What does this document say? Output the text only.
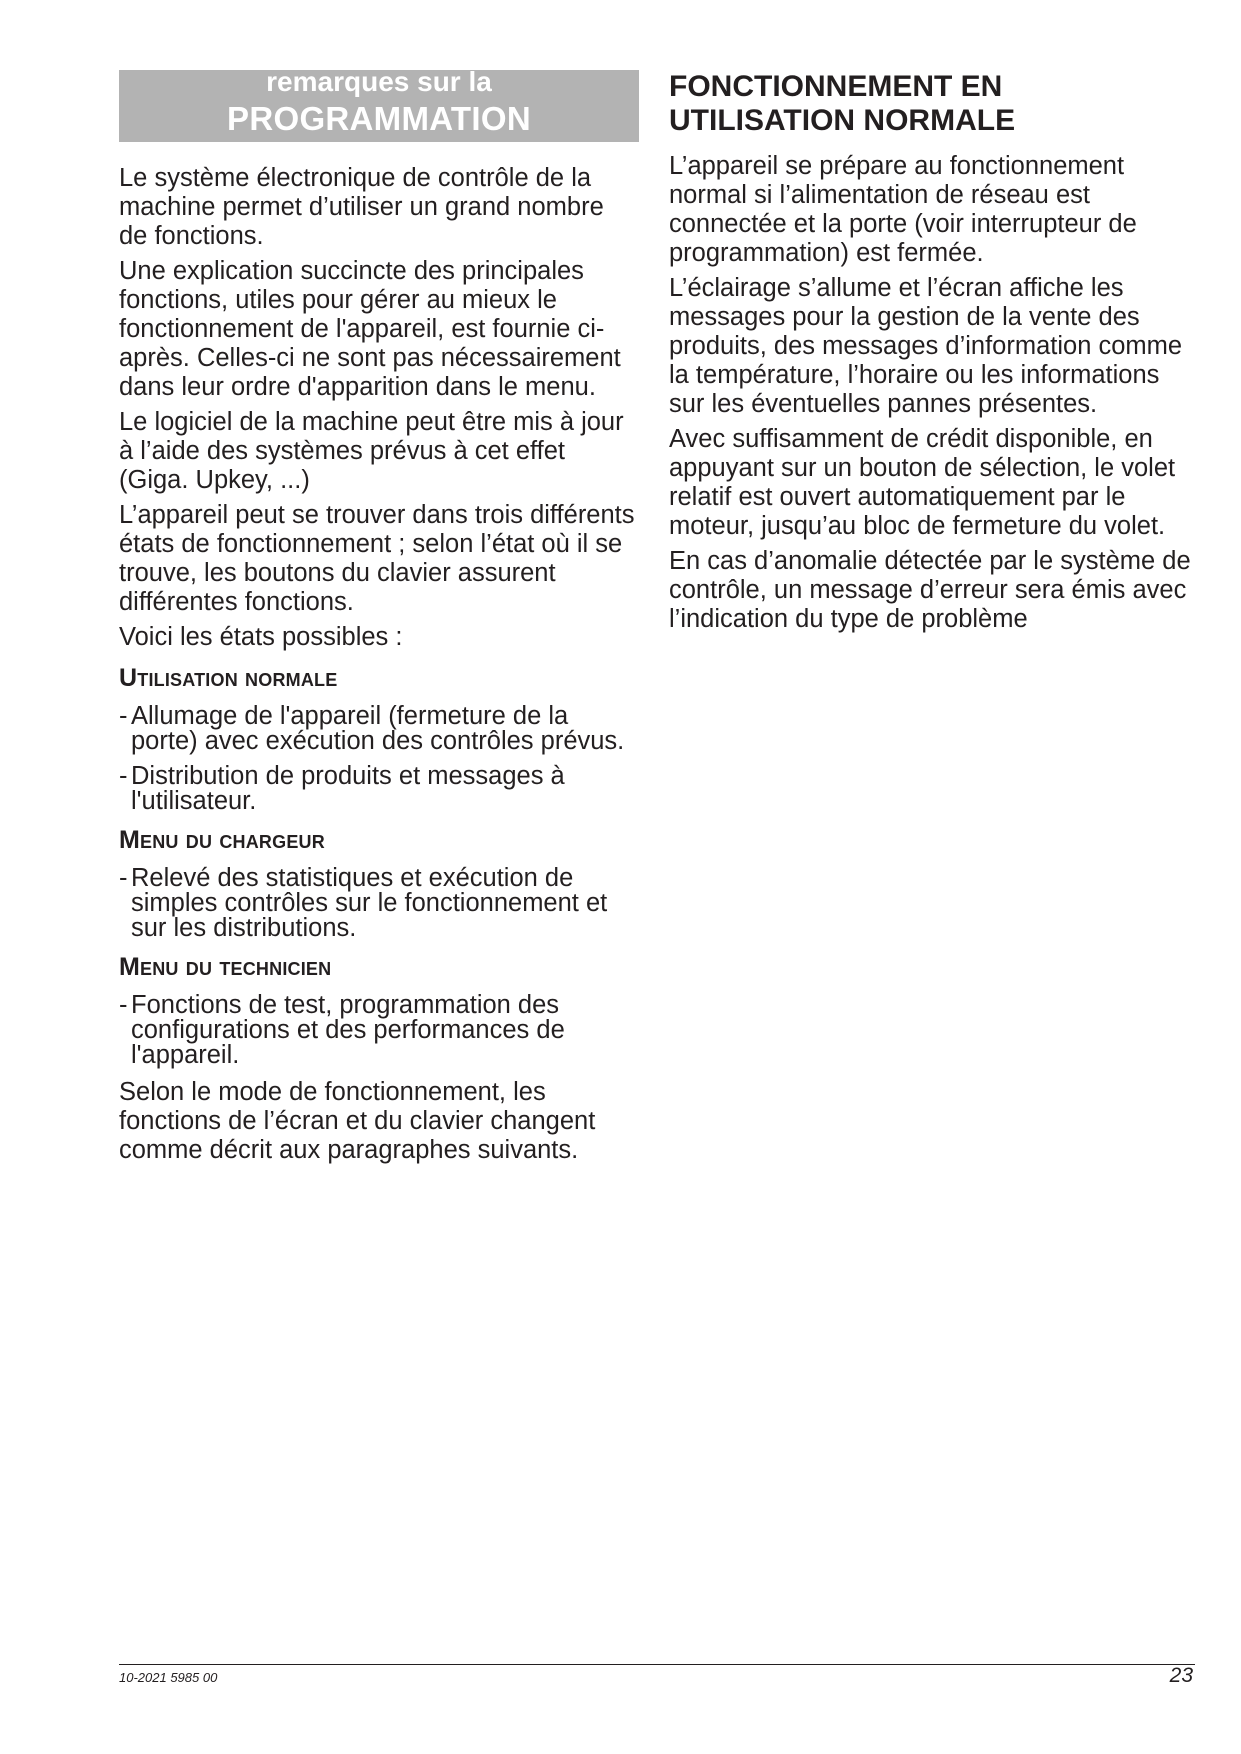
remarques sur la
PROGRAMMATION

Le système électronique de contrôle de la machine permet d’utiliser un grand nombre de fonctions.

Une explication succincte des principales fonctions, utiles pour gérer au mieux le fonctionnement de l'appareil, est fournie ci-après. Celles-ci ne sont pas nécessairement dans leur ordre d'apparition dans le menu.

Le logiciel de la machine peut être mis à jour à l’aide des systèmes prévus à cet effet (Giga. Upkey, ...)

L’appareil peut se trouver dans trois différents états de fonctionnement ; selon l’état où il se trouve, les boutons du clavier assurent différentes fonctions.

Voici les états possibles :

Utilisation normale
- Allumage de l'appareil (fermeture de la porte) avec exécution des contrôles prévus.
- Distribution de produits et messages à l'utilisateur.
Menu du chargeur
- Relevé des statistiques et exécution de simples contrôles sur le fonctionnement et sur les distributions.
Menu du technicien
- Fonctions de test, programmation des configurations et des performances de l'appareil.

Selon le mode de fonctionnement, les fonctions de l’écran et du clavier changent comme décrit aux paragraphes suivants.

FONCTIONNEMENT EN
UTILISATION NORMALE

L’appareil se prépare au fonctionnement normal si l’alimentation de réseau est connectée et la porte (voir interrupteur de programmation) est fermée.

L’éclairage s’allume et l’écran affiche les messages pour la gestion de la vente des produits, des messages d’information comme la température, l’horaire ou les informations sur les éventuelles pannes présentes.

Avec suffisamment de crédit disponible, en appuyant sur un bouton de sélection, le volet relatif est ouvert automatiquement par le moteur, jusqu’au bloc de fermeture du volet.

En cas d’anomalie détectée par le système de contrôle, un message d’erreur sera émis avec l’indication du type de problème

10-2021 5985 00	23
